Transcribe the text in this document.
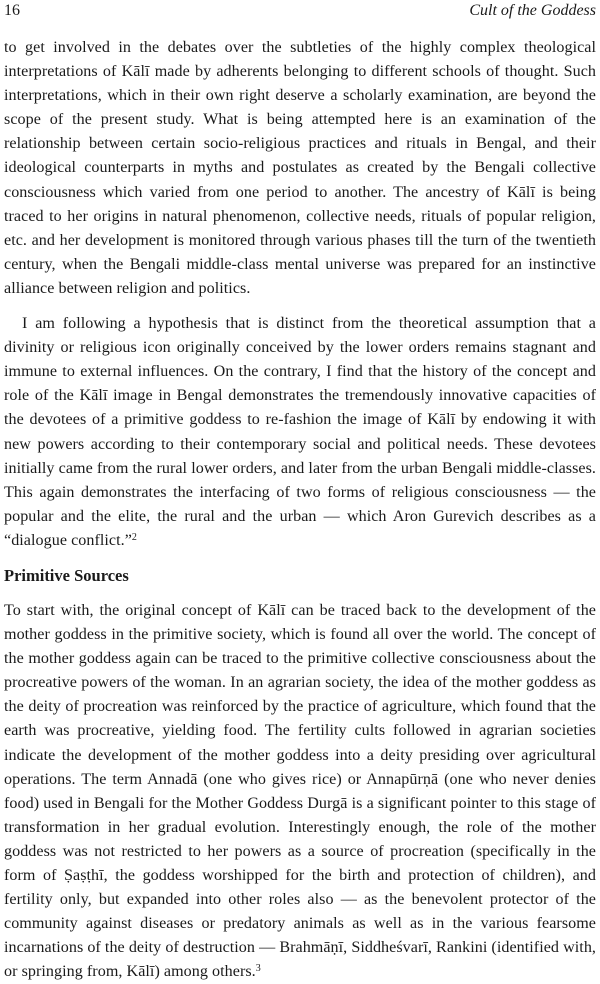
16	Cult of the Goddess

to get involved in the debates over the subtleties of the highly complex theological interpretations of Kālī made by adherents belonging to different schools of thought. Such interpretations, which in their own right deserve a scholarly examination, are beyond the scope of the present study. What is being attempted here is an examination of the relationship between certain socio-religious practices and rituals in Bengal, and their ideological counterparts in myths and postulates as created by the Bengali collective consciousness which varied from one period to another. The ancestry of Kālī is being traced to her origins in natural phenomenon, collective needs, rituals of popular religion, etc. and her development is monitored through various phases till the turn of the twentieth century, when the Bengali middle-class mental universe was prepared for an instinctive alliance between religion and politics.

I am following a hypothesis that is distinct from the theoretical assumption that a divinity or religious icon originally conceived by the lower orders remains stagnant and immune to external influences. On the contrary, I find that the history of the concept and role of the Kālī image in Bengal demonstrates the tremendously innovative capacities of the devotees of a primitive goddess to re-fashion the image of Kālī by endowing it with new powers according to their contemporary social and political needs. These devotees initially came from the rural lower orders, and later from the urban Bengali middle-classes. This again demonstrates the interfacing of two forms of religious consciousness — the popular and the elite, the rural and the urban — which Aron Gurevich describes as a “dialogue conflict.”$^2$

Primitive Sources

To start with, the original concept of Kālī can be traced back to the development of the mother goddess in the primitive society, which is found all over the world. The concept of the mother goddess again can be traced to the primitive collective consciousness about the procreative powers of the woman. In an agrarian society, the idea of the mother goddess as the deity of procreation was reinforced by the practice of agriculture, which found that the earth was procreative, yielding food. The fertility cults followed in agrarian societies indicate the development of the mother goddess into a deity presiding over agricultural operations. The term Annadā (one who gives rice) or Annapūrṇā (one who never denies food) used in Bengali for the Mother Goddess Durgā is a significant pointer to this stage of transformation in her gradual evolution. Interestingly enough, the role of the mother goddess was not restricted to her powers as a source of procreation (specifically in the form of Ṣaṣṭhī, the goddess worshipped for the birth and protection of children), and fertility only, but expanded into other roles also — as the benevolent protector of the community against diseases or predatory animals as well as in the various fearsome incarnations of the deity of destruction — Brahmāṇī, Siddheśvarī, Rankini (identified with, or springing from, Kālī) among others.$^3$
